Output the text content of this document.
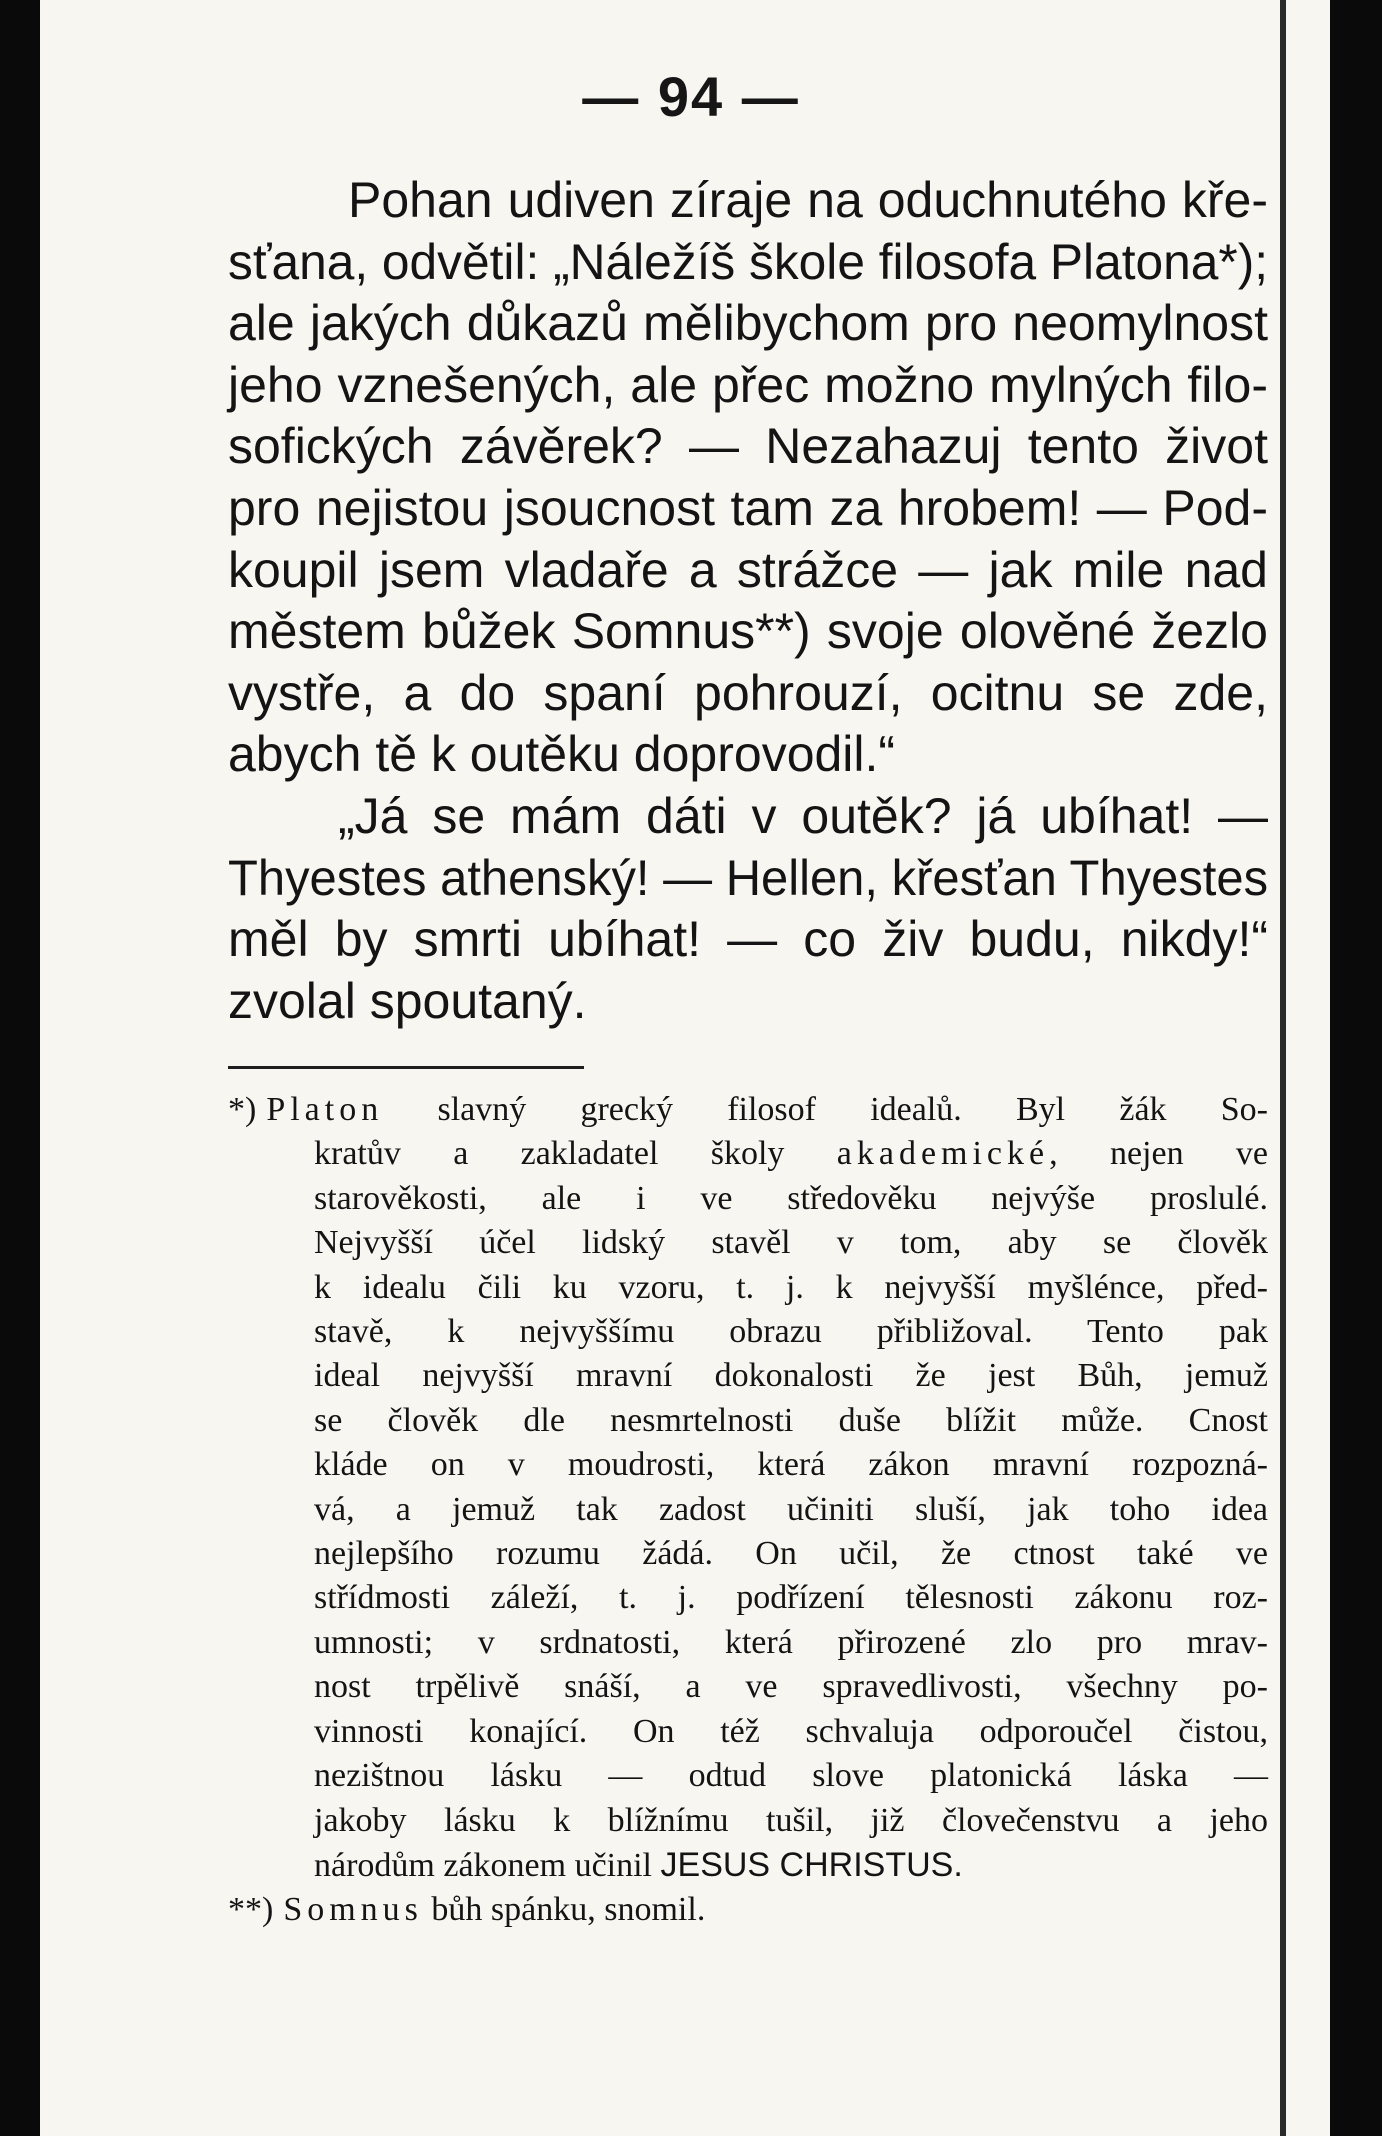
— 94 —
Pohan udiven zíraje na oduchnutého kře-
sťana, odvětil: „Náležíš škole filosofa Platona*);
ale jakých důkazů mělibychom pro neomylnost
jeho vznešených, ale přec možno mylných filo-
sofických závěrek? — Nezahazuj tento život
pro nejistou jsoucnost tam za hrobem! — Pod-
koupil jsem vladaře a strážce — jak mile nad
městem bůžek Somnus**) svoje olověné žezlo
vystře, a do spaní pohrouzí, ocitnu se zde,
abych tě k outěku doprovodil.“
„Já se mám dáti v outěk? já ubíhat! —
Thyestes athenský! — Hellen, křesťan Thyestes
měl by smrti ubíhat! — co živ budu, nikdy!“
zvolal spoutaný.
*) Platon slavný grecký filosof idealů. Byl žák So-
kratův a zakladatel školy akademické, nejen ve
starověkosti, ale i ve středověku nejvýše proslulé.
Nejvyšší účel lidský stavěl v tom, aby se člověk
k idealu čili ku vzoru, t. j. k nejvyšší myšlénce, před-
stavě, k nejvyššímu obrazu přibližoval. Tento pak
ideal nejvyšší mravní dokonalosti že jest Bůh, jemuž
se člověk dle nesmrtelnosti duše blížit může. Cnost
kláde on v moudrosti, která zákon mravní rozpozná-
vá, a jemuž tak zadost učiniti sluší, jak toho idea
nejlepšího rozumu žádá. On učil, že ctnost také ve
střídmosti záleží, t. j. podřízení tělesnosti zákonu roz-
umnosti; v srdnatosti, která přirozené zlo pro mrav-
nost trpělivě snáší, a ve spravedlivosti, všechny po-
vinnosti konající. On též schvaluja odporoučel čistou,
nezištnou lásku — odtud slove platonická láska —
jakoby lásku k blížnímu tušil, již človečenstvu a jeho
národům zákonem učinil JESUS CHRISTUS.
**) Somnus bůh spánku, snomil.
